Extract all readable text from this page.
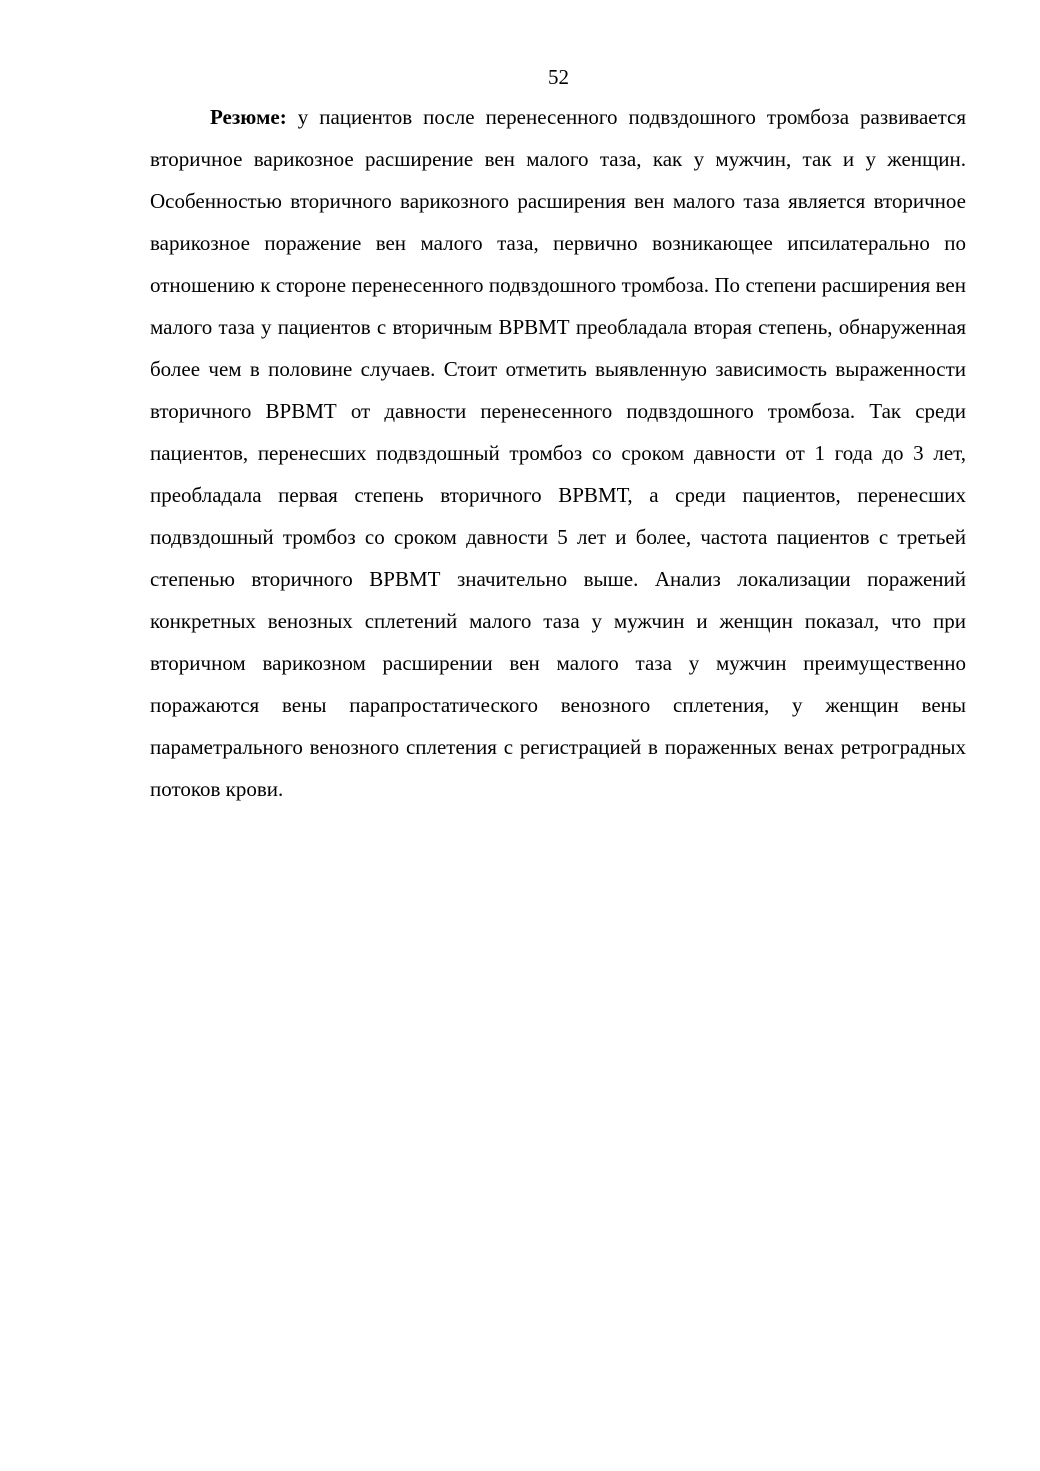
52

Резюме: у пациентов после перенесенного подвздошного тромбоза развивается вторичное варикозное расширение вен малого таза, как у мужчин, так и у женщин. Особенностью вторичного варикозного расширения вен малого таза является вторичное варикозное поражение вен малого таза, первично возникающее ипсилатерально по отношению к стороне перенесенного подвздошного тромбоза. По степени расширения вен малого таза у пациентов с вторичным ВРВМТ преобладала вторая степень, обнаруженная более чем в половине случаев. Стоит отметить выявленную зависимость выраженности вторичного ВРВМТ от давности перенесенного подвздошного тромбоза. Так среди пациентов, перенесших подвздошный тромбоз со сроком давности от 1 года до 3 лет, преобладала первая степень вторичного ВРВМТ, а среди пациентов, перенесших подвздошный тромбоз со сроком давности 5 лет и более, частота пациентов с третьей степенью вторичного ВРВМТ значительно выше. Анализ локализации поражений конкретных венозных сплетений малого таза у мужчин и женщин показал, что при вторичном варикозном расширении вен малого таза у мужчин преимущественно поражаются вены парапростатического венозного сплетения, у женщин вены параметрального венозного сплетения с регистрацией в пораженных венах ретроградных потоков крови.
